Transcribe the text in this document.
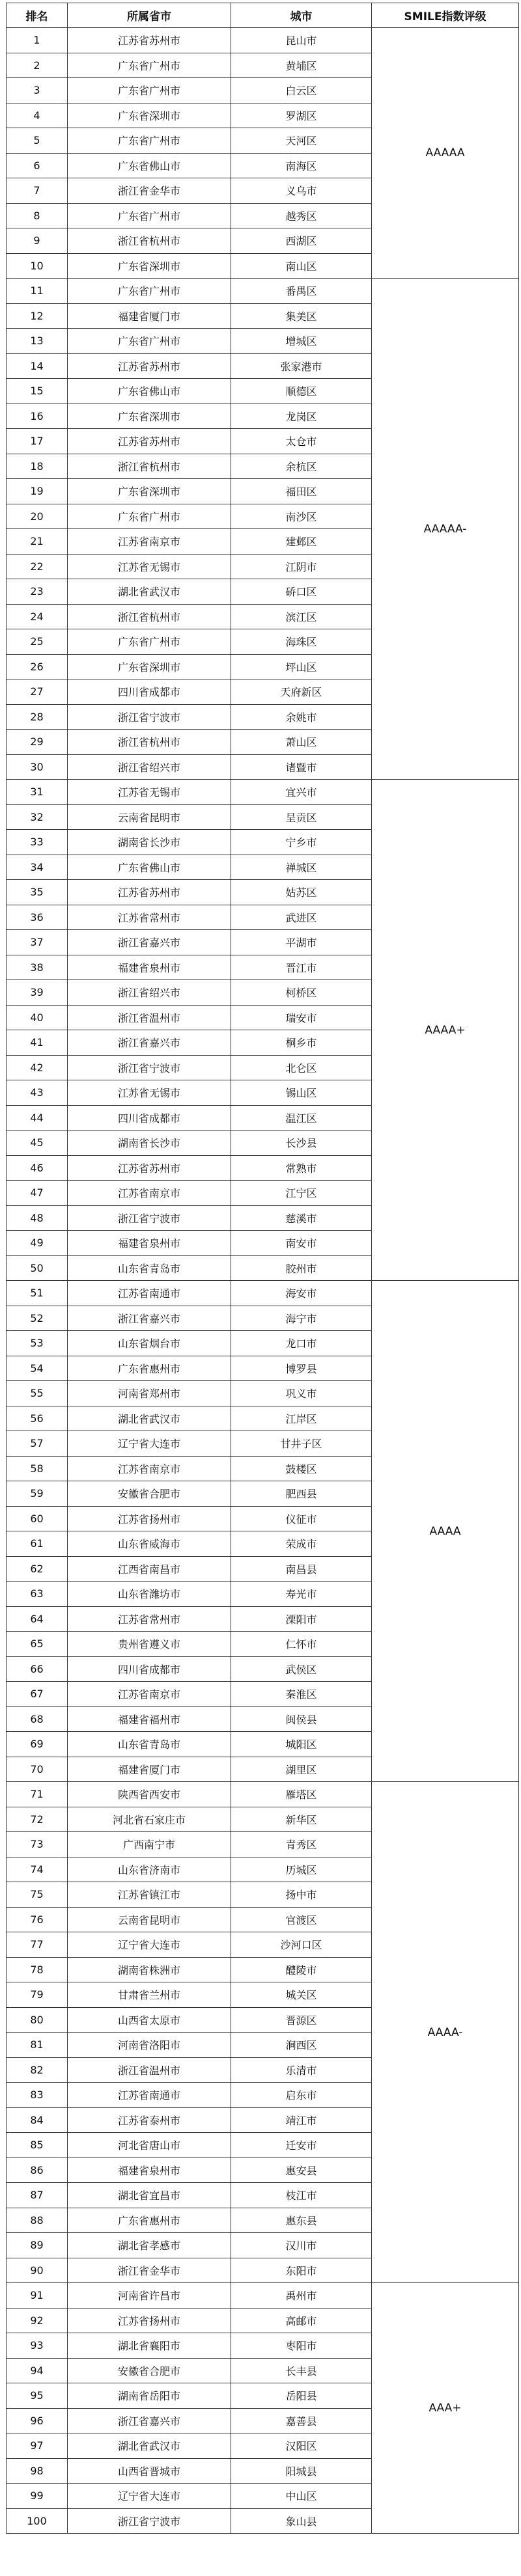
排名	所属省市	城市	SMILE指数评级
1	江苏省苏州市	昆山市	AAAAA
2	广东省广州市	黄埔区	
3	广东省广州市	白云区	
4	广东省深圳市	罗湖区	
5	广东省广州市	天河区	
6	广东省佛山市	南海区	
7	浙江省金华市	义乌市	
8	广东省广州市	越秀区	
9	浙江省杭州市	西湖区	
10	广东省深圳市	南山区	
11	广东省广州市	番禺区	AAAAA-
12	福建省厦门市	集美区	
13	广东省广州市	增城区	
14	江苏省苏州市	张家港市	
15	广东省佛山市	顺德区	
16	广东省深圳市	龙岗区	
17	江苏省苏州市	太仓市	
18	浙江省杭州市	余杭区	
19	广东省深圳市	福田区	
20	广东省广州市	南沙区	
21	江苏省南京市	建邺区	
22	江苏省无锡市	江阴市	
23	湖北省武汉市	硚口区	
24	浙江省杭州市	滨江区	
25	广东省广州市	海珠区	
26	广东省深圳市	坪山区	
27	四川省成都市	天府新区	
28	浙江省宁波市	余姚市	
29	浙江省杭州市	萧山区	
30	浙江省绍兴市	诸暨市	
31	江苏省无锡市	宜兴市	AAAA+
32	云南省昆明市	呈贡区	
33	湖南省长沙市	宁乡市	
34	广东省佛山市	禅城区	
35	江苏省苏州市	姑苏区	
36	江苏省常州市	武进区	
37	浙江省嘉兴市	平湖市	
38	福建省泉州市	晋江市	
39	浙江省绍兴市	柯桥区	
40	浙江省温州市	瑞安市	
41	浙江省嘉兴市	桐乡市	
42	浙江省宁波市	北仑区	
43	江苏省无锡市	锡山区	
44	四川省成都市	温江区	
45	湖南省长沙市	长沙县	
46	江苏省苏州市	常熟市	
47	江苏省南京市	江宁区	
48	浙江省宁波市	慈溪市	
49	福建省泉州市	南安市	
50	山东省青岛市	胶州市	
51	江苏省南通市	海安市	AAAA
52	浙江省嘉兴市	海宁市	
53	山东省烟台市	龙口市	
54	广东省惠州市	博罗县	
55	河南省郑州市	巩义市	
56	湖北省武汉市	江岸区	
57	辽宁省大连市	甘井子区	
58	江苏省南京市	鼓楼区	
59	安徽省合肥市	肥西县	
60	江苏省扬州市	仪征市	
61	山东省威海市	荣成市	
62	江西省南昌市	南昌县	
63	山东省潍坊市	寿光市	
64	江苏省常州市	溧阳市	
65	贵州省遵义市	仁怀市	
66	四川省成都市	武侯区	
67	江苏省南京市	秦淮区	
68	福建省福州市	闽侯县	
69	山东省青岛市	城阳区	
70	福建省厦门市	湖里区	
71	陕西省西安市	雁塔区	AAAA-
72	河北省石家庄市	新华区	
73	广西南宁市	青秀区	
74	山东省济南市	历城区	
75	江苏省镇江市	扬中市	
76	云南省昆明市	官渡区	
77	辽宁省大连市	沙河口区	
78	湖南省株洲市	醴陵市	
79	甘肃省兰州市	城关区	
80	山西省太原市	晋源区	
81	河南省洛阳市	涧西区	
82	浙江省温州市	乐清市	
83	江苏省南通市	启东市	
84	江苏省泰州市	靖江市	
85	河北省唐山市	迁安市	
86	福建省泉州市	惠安县	
87	湖北省宜昌市	枝江市	
88	广东省惠州市	惠东县	
89	湖北省孝感市	汉川市	
90	浙江省金华市	东阳市	
91	河南省许昌市	禹州市	AAA+
92	江苏省扬州市	高邮市	
93	湖北省襄阳市	枣阳市	
94	安徽省合肥市	长丰县	
95	湖南省岳阳市	岳阳县	
96	浙江省嘉兴市	嘉善县	
97	湖北省武汉市	汉阳区	
98	山西省晋城市	阳城县	
99	辽宁省大连市	中山区	
100	浙江省宁波市	象山县	
